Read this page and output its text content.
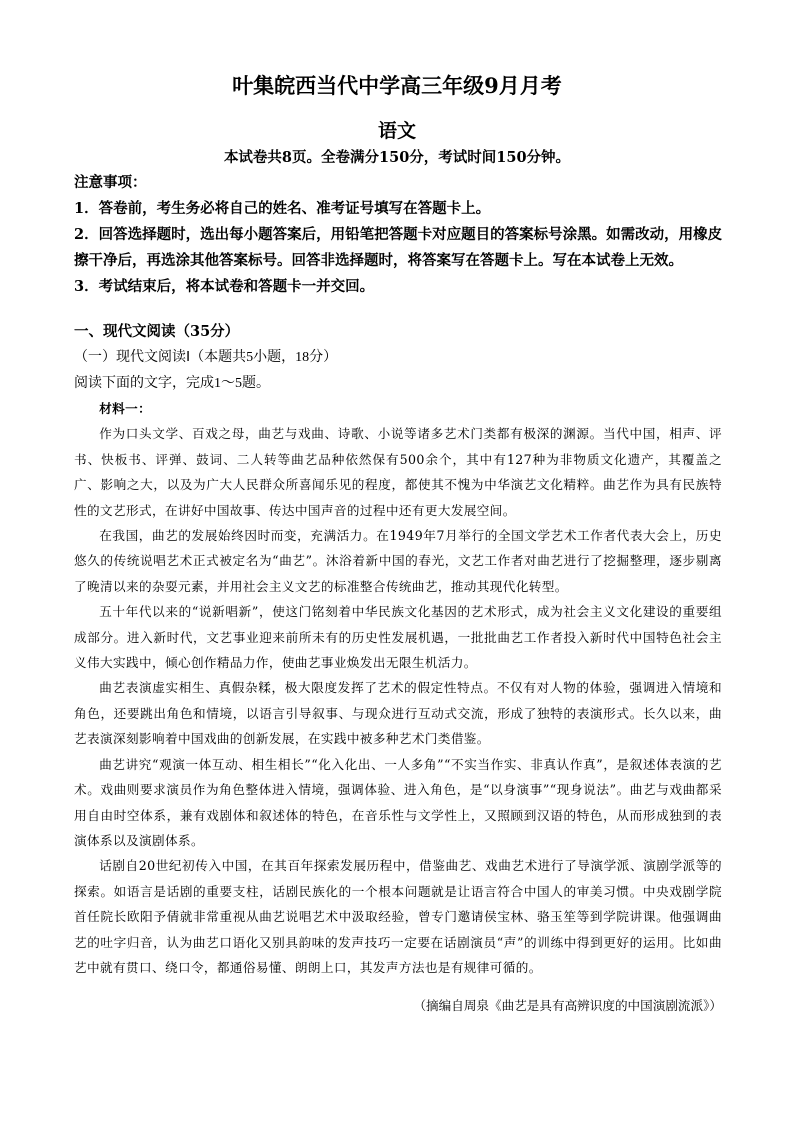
叶集皖西当代中学高三年级9月月考
语文
本试卷共8页。全卷满分150分，考试时间150分钟。

注意事项：

1．答卷前，考生务必将自己的姓名、准考证号填写在答题卡上。

2．回答选择题时，选出每小题答案后，用铅笔把答题卡对应题目的答案标号涂黑。如需改动，用橡皮擦干净后，再选涂其他答案标号。回答非选择题时，将答案写在答题卡上。写在本试卷上无效。

3．考试结束后，将本试卷和答题卡一并交回。

一、现代文阅读（35分）
（一）现代文阅读Ⅰ（本题共5小题，18分）
阅读下面的文字，完成1～5题。

材料一：

作为口头文学、百戏之母，曲艺与戏曲、诗歌、小说等诸多艺术门类都有极深的渊源。当代中国，相声、评书、快板书、评弹、鼓词、二人转等曲艺品种依然保有500余个，其中有127种为非物质文化遗产，其覆盖之广、影响之大，以及为广大人民群众所喜闻乐见的程度，都使其不愧为中华演艺文化精粹。曲艺作为具有民族特性的文艺形式，在讲好中国故事、传达中国声音的过程中还有更大发展空间。

在我国，曲艺的发展始终因时而变，充满活力。在1949年7月举行的全国文学艺术工作者代表大会上，历史悠久的传统说唱艺术正式被定名为“曲艺”。沐浴着新中国的春光，文艺工作者对曲艺进行了挖掘整理，逐步剔离了晚清以来的杂耍元素，并用社会主义文艺的标准整合传统曲艺，推动其现代化转型。

五十年代以来的“说新唱新”，使这门铭刻着中华民族文化基因的艺术形式，成为社会主义文化建设的重要组成部分。进入新时代，文艺事业迎来前所未有的历史性发展机遇，一批批曲艺工作者投入新时代中国特色社会主义伟大实践中，倾心创作精品力作，使曲艺事业焕发出无限生机活力。

曲艺表演虚实相生、真假杂糅，极大限度发挥了艺术的假定性特点。不仅有对人物的体验，强调进入情境和角色，还要跳出角色和情境，以语言引导叙事、与现众进行互动式交流，形成了独特的表演形式。长久以来，曲艺表演深刻影响着中国戏曲的创新发展，在实践中被多种艺术门类借鉴。

曲艺讲究“观演一体互动、相生相长”“化入化出、一人多角”“不实当作实、非真认作真”，是叙述体表演的艺术。戏曲则要求演员作为角色整体进入情境，强调体验、进入角色，是“以身演事”“现身说法”。曲艺与戏曲都采用自由时空体系，兼有戏剧体和叙述体的特色，在音乐性与文学性上，又照顾到汉语的特色，从而形成独到的表演体系以及演剧体系。

话剧自20世纪初传入中国，在其百年探索发展历程中，借鉴曲艺、戏曲艺术进行了导演学派、演剧学派等的探索。如语言是话剧的重要支柱，话剧民族化的一个根本问题就是让语言符合中国人的审美习惯。中央戏剧学院首任院长欧阳予倩就非常重视从曲艺说唱艺术中汲取经验，曾专门邀请侯宝林、骆玉笙等到学院讲课。他强调曲艺的吐字归音，认为曲艺口语化又别具韵味的发声技巧一定要在话剧演员“声”的训练中得到更好的运用。比如曲艺中就有贯口、绕口令，都通俗易懂、朗朗上口，其发声方法也是有规律可循的。

（摘编自周泉《曲艺是具有高辨识度的中国演剧流派》）
